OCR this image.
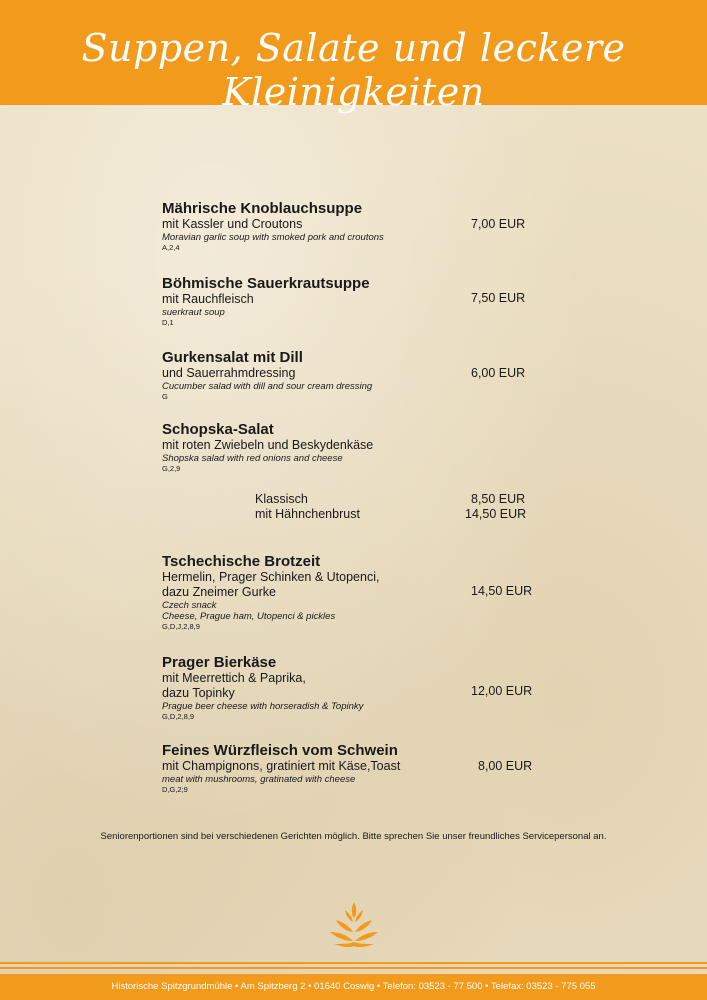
Suppen, Salate und leckere Kleinigkeiten
Mährische Knoblauchsuppe
mit Kassler und Croutons
Moravian garlic soup with smoked pork and croutons
A,2,4
7,00 EUR
Böhmische Sauerkrautsuppe
mit Rauchfleisch
suerkraut soup
D,1
7,50 EUR
Gurkensalat mit Dill
und Sauerrahmdressing
Cucumber salad with dill and sour cream dressing
G
6,00 EUR
Schopska-Salat
mit roten Zwiebeln und Beskydenkäse
Shopska salad with red onions and cheese
G,2,9
Klassisch	8,50 EUR
mit Hähnchenbrust	14,50 EUR
Tschechische Brotzeit
Hermelin, Prager Schinken & Utopenci,
dazu Zneimer Gurke
Czech snack
Cheese, Prague ham, Utopenci & pickles
G,D,J,2,8,9
14,50 EUR
Prager Bierkäse
mit Meerrettich & Paprika,
dazu Topinky
Prague beer cheese with horseradish & Topinky
G,D,2,8,9
12,00 EUR
Feines Würzfleisch vom Schwein
mit Champignons, gratiniert mit Käse,Toast
meat with mushrooms, gratinated with cheese
D,G,2;9
8,00 EUR
Seniorenportionen sind bei verschiedenen Gerichten möglich. Bitte sprechen Sie unser freundliches Servicepersonal an.
Historische Spitzgrundmühle • Am Spitzberg 2 • 01640 Coswig • Telefon: 03523 - 77 500 • Telefax: 03523 - 775 055
